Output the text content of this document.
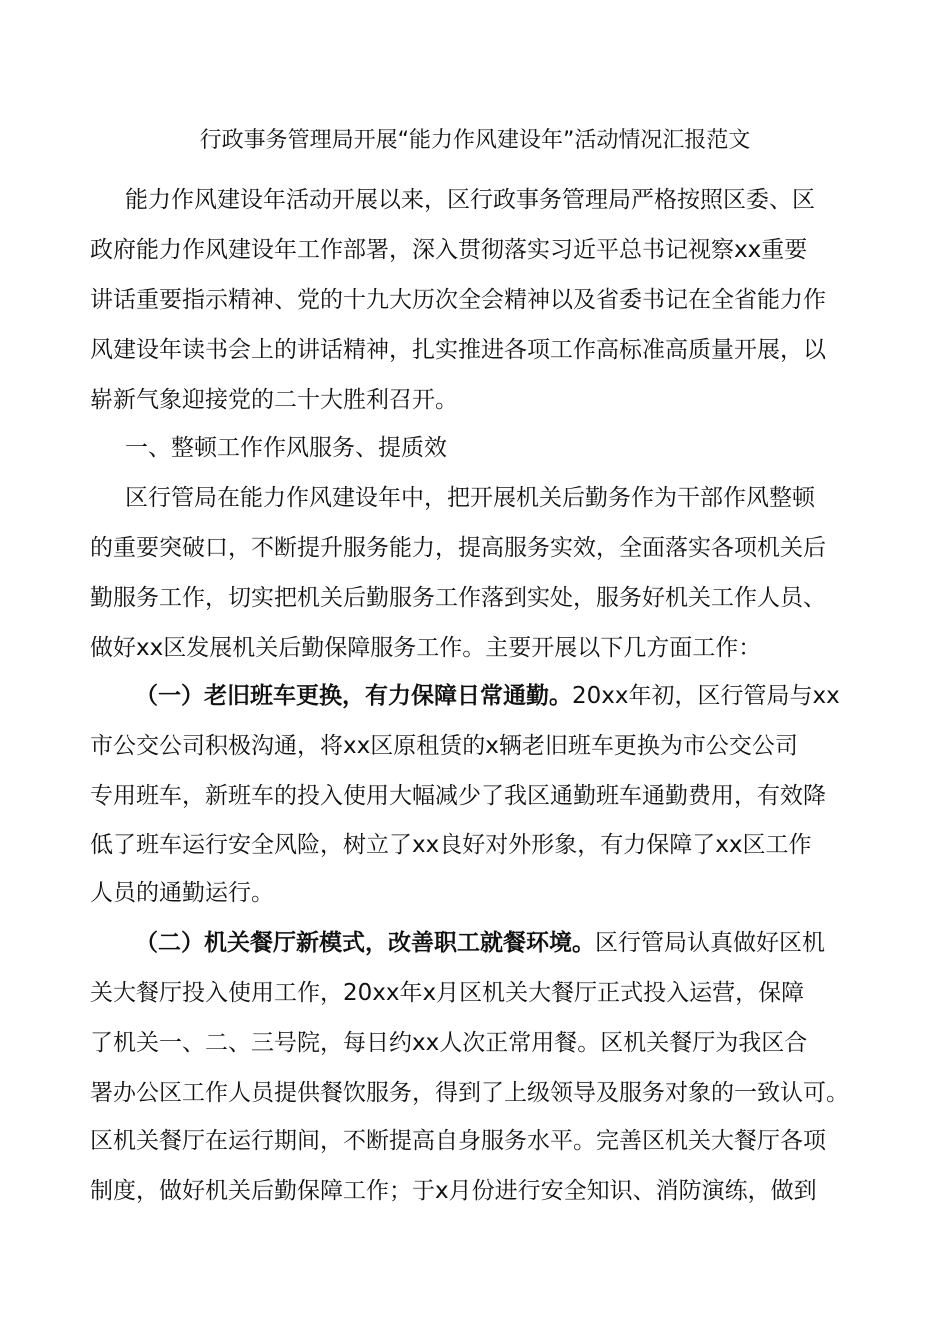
行政事务管理局开展“能力作风建设年”活动情况汇报范文
能力作风建设年活动开展以来，区行政事务管理局严格按照区委、区
政府能力作风建设年工作部署，深入贯彻落实习近平总书记视察xx重要
讲话重要指示精神、党的十九大历次全会精神以及省委书记在全省能力作
风建设年读书会上的讲话精神，扎实推进各项工作高标准高质量开展，以
崭新气象迎接党的二十大胜利召开。
一、整顿工作作风服务、提质效
区行管局在能力作风建设年中，把开展机关后勤务作为干部作风整顿
的重要突破口，不断提升服务能力，提高服务实效，全面落实各项机关后
勤服务工作，切实把机关后勤服务工作落到实处，服务好机关工作人员、
做好xx区发展机关后勤保障服务工作。主要开展以下几方面工作：
（一）老旧班车更换，有力保障日常通勤。20xx年初，区行管局与xx
市公交公司积极沟通，将xx区原租赁的x辆老旧班车更换为市公交公司
专用班车，新班车的投入使用大幅减少了我区通勤班车通勤费用，有效降
低了班车运行安全风险，树立了xx良好对外形象，有力保障了xx区工作
人员的通勤运行。
（二）机关餐厅新模式，改善职工就餐环境。区行管局认真做好区机
关大餐厅投入使用工作，20xx年x月区机关大餐厅正式投入运营，保障
了机关一、二、三号院，每日约xx人次正常用餐。区机关餐厅为我区合
署办公区工作人员提供餐饮服务，得到了上级领导及服务对象的一致认可。
区机关餐厅在运行期间，不断提高自身服务水平。完善区机关大餐厅各项
制度，做好机关后勤保障工作；于x月份进行安全知识、消防演练，做到
